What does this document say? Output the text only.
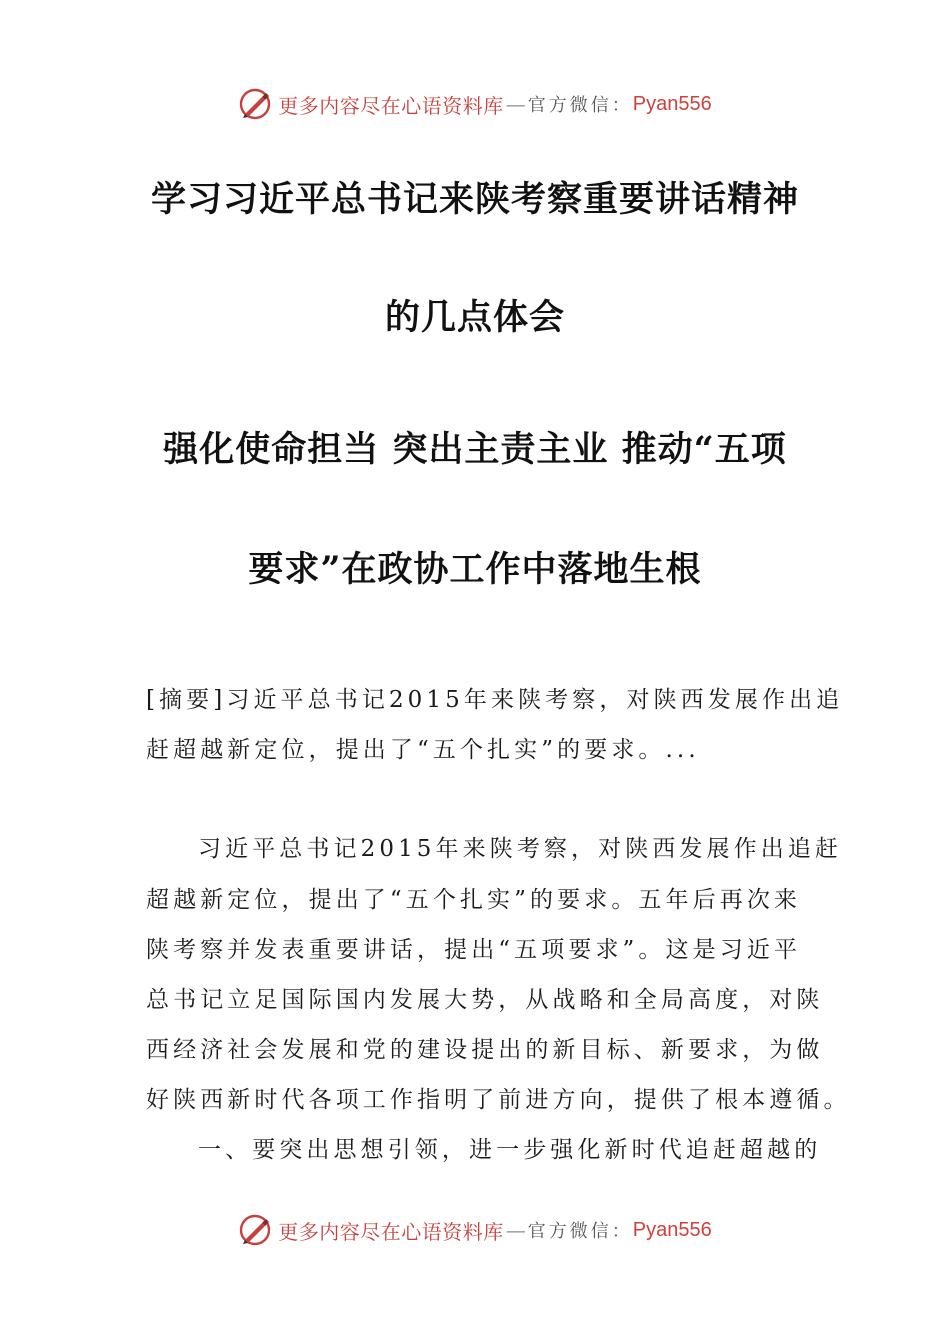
更多内容尽在心语资料库 — 官方微信： Pyan556
学习习近平总书记来陕考察重要讲话精神
的几点体会
强化使命担当 突出主责主业 推动“五项
要求”在政协工作中落地生根
[摘要]习近平总书记2015年来陕考察，对陕西发展作出追
赶超越新定位，提出了“五个扎实”的要求。...
习近平总书记2015年来陕考察，对陕西发展作出追赶
超越新定位，提出了“五个扎实”的要求。五年后再次来
陕考察并发表重要讲话，提出“五项要求”。这是习近平
总书记立足国际国内发展大势，从战略和全局高度，对陕
西经济社会发展和党的建设提出的新目标、新要求，为做
好陕西新时代各项工作指明了前进方向，提供了根本遵循。
一、要突出思想引领，进一步强化新时代追赶超越的
更多内容尽在心语资料库 — 官方微信： Pyan556
